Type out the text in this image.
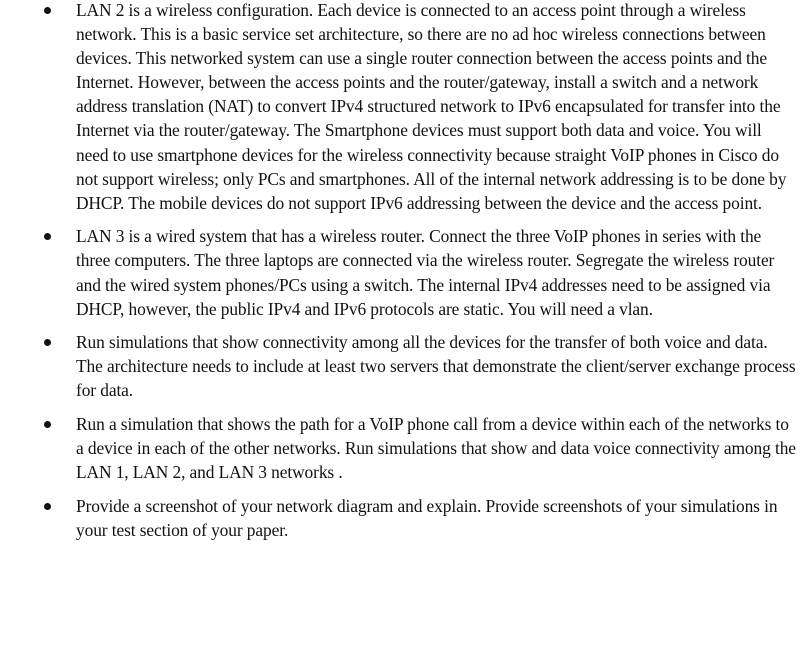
LAN 2 is a wireless configuration. Each device is connected to an access point through a wireless network. This is a basic service set architecture, so there are no ad hoc wireless connections between devices. This networked system can use a single router connection between the access points and the Internet. However, between the access points and the router/gateway, install a switch and a network address translation (NAT) to convert IPv4 structured network to IPv6 encapsulated for transfer into the Internet via the router/gateway. The Smartphone devices must support both data and voice. You will need to use smartphone devices for the wireless connectivity because straight VoIP phones in Cisco do not support wireless; only PCs and smartphones. All of the internal network addressing is to be done by DHCP. The mobile devices do not support IPv6 addressing between the device and the access point.
LAN 3 is a wired system that has a wireless router. Connect the three VoIP phones in series with the three computers. The three laptops are connected via the wireless router. Segregate the wireless router and the wired system phones/PCs using a switch. The internal IPv4 addresses need to be assigned via DHCP, however, the public IPv4 and IPv6 protocols are static. You will need a vlan.
Run simulations that show connectivity among all the devices for the transfer of both voice and data. The architecture needs to include at least two servers that demonstrate the client/server exchange process for data.
Run a simulation that shows the path for a VoIP phone call from a device within each of the networks to a device in each of the other networks. Run simulations that show and data voice connectivity among the LAN 1, LAN 2, and LAN 3 networks .
Provide a screenshot of your network diagram and explain. Provide screenshots of your simulations in your test section of your paper.
